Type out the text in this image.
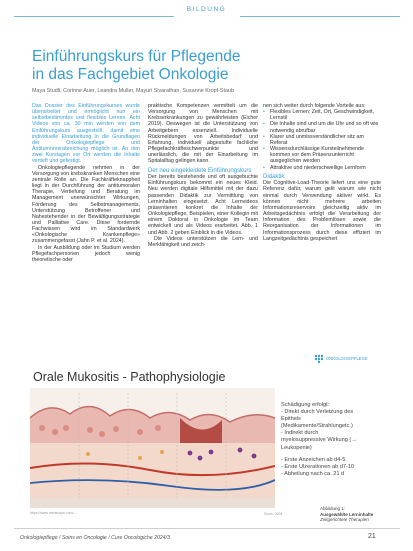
BILDUNG
Einführungskurs für Pflegende
in das Fachgebiet Onkologie
Maya Studli, Corinne Auer, Leandra Muller, Mayuri Sivarathan, Susanne Kropf-Staub

Das Dossier des Einführungskurses wurde überarbeitet und ermöglicht nun ein selbstbestimmtes und flexibles Lernen. Acht Videos von ca. 30 min werden von dem Einführungskurs ausgestellt, damit eine individuelle Einarbeitung in die Grundlagen der Onkologiepflege und Antitumorverabreichung möglich ist. An den zwei Kurstagen vor Ort werden die Inhalte vertieft und gefestigt.

Onkologiepflegende nehmen in der Versorgung von krebskranken Menschen eine zentrale Rolle an. Die Fachkräfteknappheit liegt in der Durchführung der antitumoralen Therapie, Vertiefung und Beratung im Management unerwünschter Wirkungen, Förderung des Selbstmanagements, Unterstützung Betroffener und Nahestehender in der Bewältigungsstrategie und Palliative Care. Diese fordernde Fachwissen wird im Standardwerk «Onkologische Krankenpflege» zusammengefasst (Jahn P. et al. 2024).

In der Ausbildung oder im Studium werden Pflegefachpersonen jedoch wenig theoretische oder

praktische Kompetenzen vermittelt um die Versorgung von Menschen mit Krebserkrankungen zu gewährleisten (Eicher 2019). Deswegen ist die Unterstützung von Arbeitgebern essenziell. Individuelle Rückmeldungen von Arbeitsbedarf und Erfahrung, individuell abgestufte fachliche Pflegefachkräfteschwerpunkte und unerlässlich, die mit der Einarbeitung im Spitalalltag gelingen kann.

Der neu eingekleidete Einführungskurs

Der bereits bestehende und oft ausgebuchte Einführungskurs bekommt ein neues Kleid. Neu werden digitale Hilfsmittel mit der dazu passenden Didaktik zur Vermittlung von Lerninhalten eingesetzt. Acht Lernvideos präsentieren konkret die Inhalte der Onkologiepflege, Beispielen, einer Kollegin mit einem Doktorat in Onkologie im Team entwickelt und als Videos erarbeitet. Abb. 1 und Abb. 2 geben Einblick in die Videos.

Die Videos unterstützen die Lern- und Merkfähigkeit und zeich-

nen sich weiter durch folgende Vorteile aus:

• Flexibles Lernen: Zeit, Ort, Geschwindigkeit, Lernstil
• Die Inhalte sind und um die Uhr und so oft wie notwendig abrufbar
• Klarer und unmissverständlicher sitz am Referat
• Wissensdurchlässige Kursteilnehmende kommen vor dem Präsenzunterricht ausgeglichen werden
• Attraktive und niederschwellige Lernform
Didaktik

Die Cognitive-Load-Theorie liefert uns eine gute Referenz dafür, warum gelit warum wie nicht einmal durch Verwendung aktiver wirkt. Es können nicht mehrere arbeiten Informationsreservoirs gleichzeitig aktiv im Arbeitsgedächtnis erfolgt die Verarbeitung der Information des Problemlösen sowie die Reorganisation der Informationen im Informationsprozess durch diese effiziert im Langzeitgedächtnis gespeichert

ONKOLOGIEPFLEGE
Orale Mukositis - Pathophysiologie
Schädigung erfolgt:
- Direkt durch Verletzung des
Epithels
(Medikamente/Strahlungetc.)
- Indirekt durch
myelosuppressive Wirkung (→
Leukopenie)
- Erste Anzeichen ab d4-5
- Erste Ulzerationen ab d7-10
- Abheilung nach ca. 21 d
https://www.medscape.com/...	Sonis, 2004
Abbildung 1:
Ausgewählte Lerninhalte
Zeitgerichtete Therapien
Onkologiepflege / Soins en Oncologie / Cure Oncologiche 2024/3	21
